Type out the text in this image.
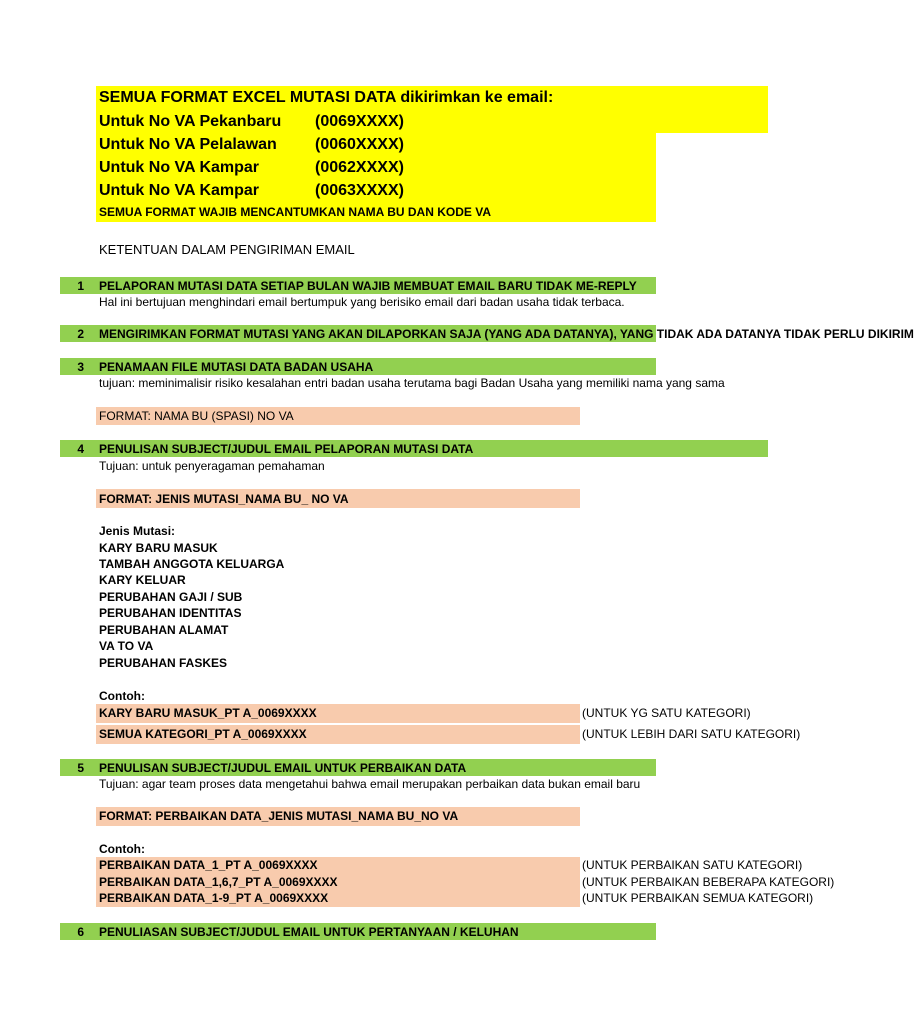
SEMUA FORMAT EXCEL MUTASI DATA dikirimkan ke email:
Untuk No VA Pekanbaru (0069XXXX)
Untuk No VA Pelalawan (0060XXXX)
Untuk No VA Kampar	(0062XXXX)
Untuk No VA Kampar	(0063XXXX)
SEMUA FORMAT WAJIB MENCANTUMKAN NAMA BU DAN KODE VA
KETENTUAN DALAM PENGIRIMAN EMAIL
1 PELAPORAN MUTASI DATA SETIAP BULAN WAJIB MEMBUAT EMAIL BARU TIDAK ME-REPLY
Hal ini bertujuan menghindari email bertumpuk yang berisiko email dari badan usaha tidak terbaca.
2 MENGIRIMKAN FORMAT MUTASI YANG AKAN DILAPORKAN SAJA (YANG ADA DATANYA), YANG TIDAK ADA DATANYA TIDAK PERLU DIKIRIM
3 PENAMAAN FILE MUTASI DATA BADAN USAHA
tujuan: meminimalisir risiko kesalahan entri badan usaha terutama bagi Badan Usaha yang memiliki nama yang sama
FORMAT: NAMA BU (SPASI) NO VA
4 PENULISAN SUBJECT/JUDUL EMAIL PELAPORAN MUTASI DATA
Tujuan: untuk penyeragaman pemahaman
FORMAT: JENIS MUTASI_NAMA BU_ NO VA
Jenis Mutasi:
KARY BARU MASUK
TAMBAH ANGGOTA KELUARGA
KARY KELUAR
PERUBAHAN GAJI / SUB
PERUBAHAN IDENTITAS
PERUBAHAN ALAMAT
VA TO VA
PERUBAHAN FASKES
Contoh:
KARY BARU MASUK_PT A_0069XXXX	(UNTUK YG SATU KATEGORI)
SEMUA KATEGORI_PT A_0069XXXX	(UNTUK LEBIH DARI SATU KATEGORI)
5 PENULISAN SUBJECT/JUDUL EMAIL UNTUK PERBAIKAN DATA
Tujuan: agar team proses data mengetahui bahwa email merupakan perbaikan data bukan email baru
FORMAT: PERBAIKAN DATA_JENIS MUTASI_NAMA BU_NO VA
Contoh:
PERBAIKAN DATA_1_PT A_0069XXXX	(UNTUK PERBAIKAN SATU KATEGORI)
PERBAIKAN DATA_1,6,7_PT A_0069XXXX	(UNTUK PERBAIKAN BEBERAPA KATEGORI)
PERBAIKAN DATA_1-9_PT A_0069XXXX	(UNTUK PERBAIKAN SEMUA KATEGORI)
6 PENULIASAN SUBJECT/JUDUL EMAIL UNTUK PERTANYAAN / KELUHAN
